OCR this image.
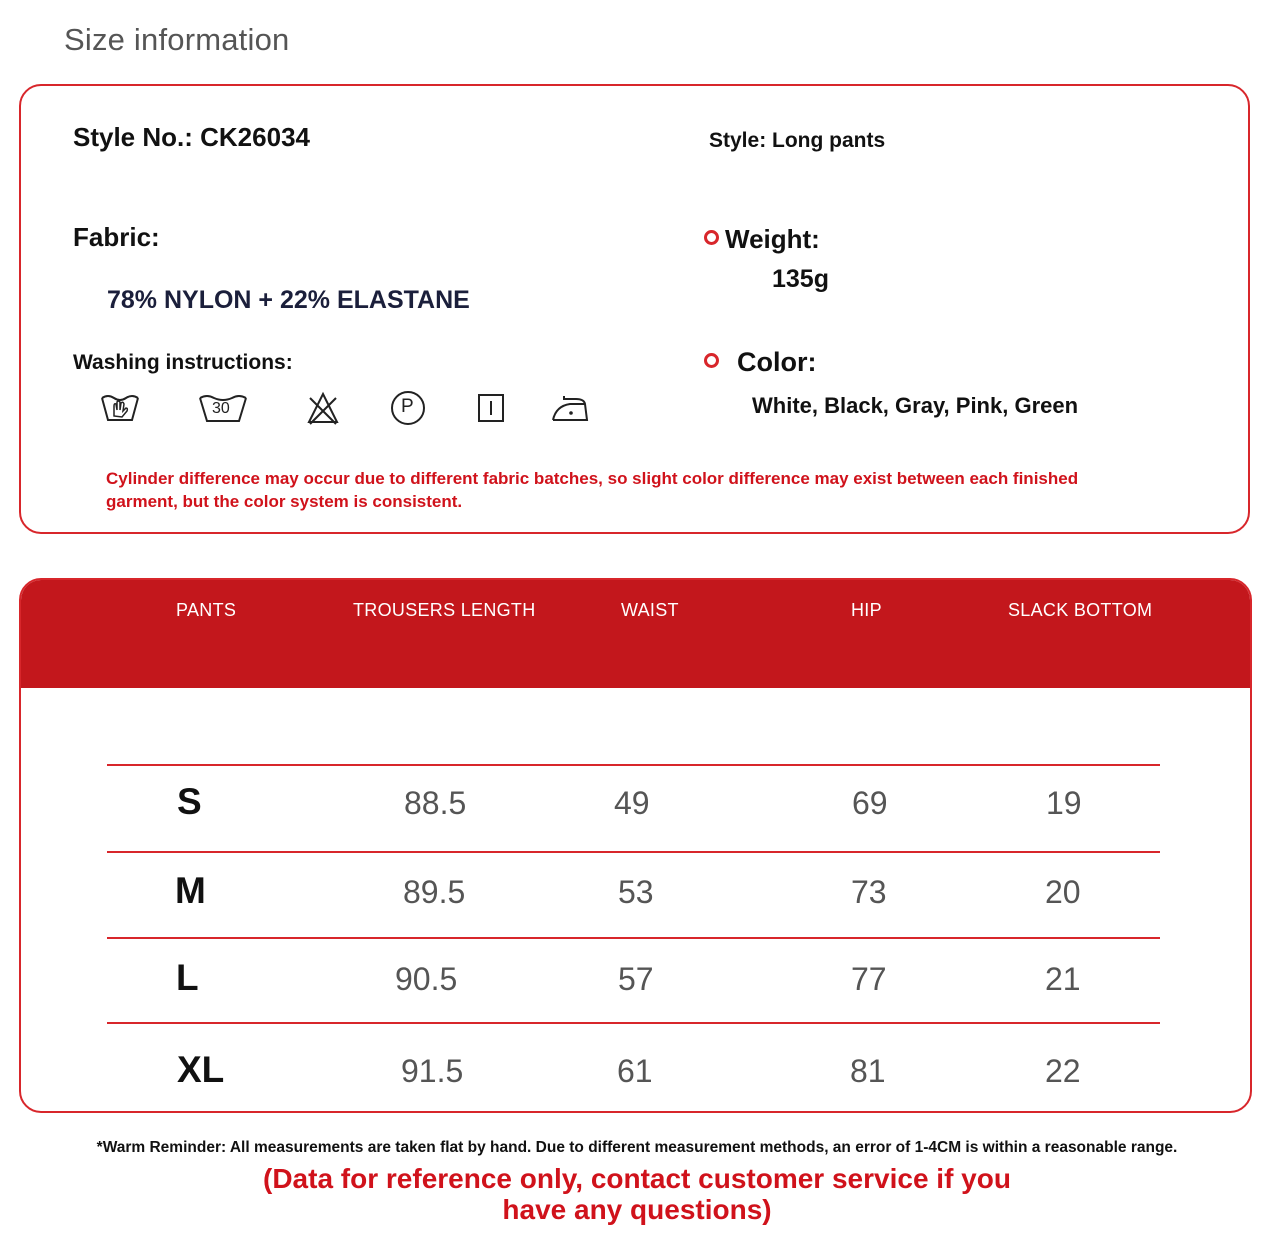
Size information
Style No.: CK26034	Style: Long pants
Fabric:
78% NYLON + 22% ELASTANE
Weight:
135g
Color:
White, Black, Gray, Pink, Green
Washing instructions:
30	P
Cylinder difference may occur due to different fabric batches, so slight color difference may exist between each finished
garment, but the color system is consistent.
PANTS	TROUSERS LENGTH	WAIST	HIP	SLACK BOTTOM
S	88.5	49	69	19
M	89.5	53	73	20
L	90.5	57	77	21
XL	91.5	61	81	22
*Warm Reminder: All measurements are taken flat by hand. Due to different measurement methods, an error of 1-4CM is within a reasonable range.
(Data for reference only, contact customer service if you
have any questions)
